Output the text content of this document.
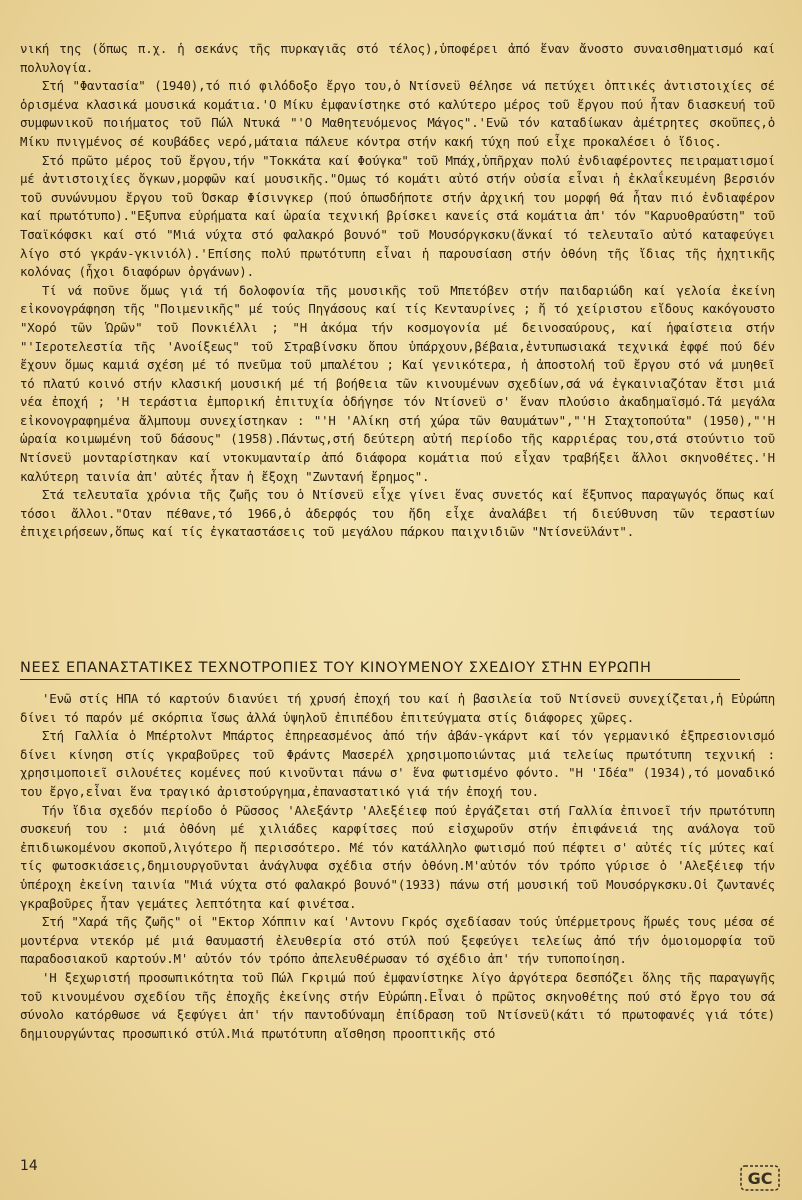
νική της (ὅπως π.χ. ἡ σεκάνς τῆς πυρκαγιᾶς στό τέλος),ὑποφέρει ἀπό ἕναν ἄνοστο συναισθηματισμό καί πολυλογία.

Στή "Φαντασία" (1940),τό πιό φιλόδοξο ἔργο του,ὁ Ντίσνεϋ θέλησε νά πετύχει ὀπτικές ἀντιστοιχίες σέ ὁρισμένα κλασικά μουσικά κομάτια.'Ο Μίκυ ἐμφανίστηκε στό καλύτερο μέρος τοῦ ἔργου πού ἦταν διασκευή τοῦ συμφωνικοῦ ποιήματος τοῦ Πώλ Ντυκά "'Ο Μαθητευόμενος Μάγος".'Ενῶ τόν καταδίωκαν ἀμέτρητες σκοῦπες,ὁ Μίκυ πνιγμένος σέ κουβάδες νερό,μάταια πάλευε κόντρα στήν κακή τύχη πού εἶχε προκαλέσει ὁ ἴδιος.

Στό πρῶτο μέρος τοῦ ἔργου,τήν "Τοκκάτα καί Φούγκα" τοῦ Μπάχ,ὑπῆρχαν πολύ ἐνδιαφέροντες πειραματισμοί μέ ἀντιστοιχίες ὄγκων,μορφῶν καί μουσικῆς."Ομως τό κομάτι αὐτό στήν οὐσία εἶναι ἡ ἐκλαΐκευμένη βερσιόν τοῦ συνώνυμου ἔργου τοῦ Όσκαρ Φίσινγκερ (πού ὁπωσδήποτε στήν ἀρχική του μορφή θά ἦταν πιό ἐνδιαφέρον καί πρωτότυπο)."Εξυπνα εὑρήματα καί ὡραία τεχνική βρίσκει κανείς στά κομάτια ἀπ' τόν "Καρυοθραύστη" τοῦ Τσαϊκόφσκι καί στό "Μιά νύχτα στό φαλακρό βουνό" τοῦ Μουσόργκσκυ(ἄνκαί τό τελευταῖο αὐτό καταφεύγει λίγο στό γκράν-γκινιόλ).'Επίσης πολύ πρωτότυπη εἶναι ἡ παρουσίαση στήν ὀθόνη τῆς ἴδιας τῆς ἠχητικῆς κολόνας (ἦχοι διαφόρων ὀργάνων).

Τί νά ποῦνε ὅμως γιά τή δολοφονία τῆς μουσικῆς τοῦ Μπετόβεν στήν παιδαριώδη καί γελοία ἐκείνη εἰκονογράφηση τῆς "Ποιμενικῆς" μέ τούς Πηγάσους καί τίς Κενταυρίνες ; ἤ τό χείριστου εἴδους κακόγουστο "Χορό τῶν Ὡρῶν" τοῦ Πονκιέλλι ; "Η ἀκόμα τήν κοσμογονία μέ δεινοσαύρους, καί ἡφαίστεια στήν "'Ιεροτελεστία τῆς 'Ανοίξεως" τοῦ Στραβίνσκυ ὅπου ὑπάρχουν,βέβαια,ἐντυπωσιακά τεχνικά ἐφφέ πού δέν ἔχουν ὅμως καμιά σχέση μέ τό πνεῦμα τοῦ μπαλέτου ; Καί γενικότερα, ἡ ἀποστολή τοῦ ἔργου στό νά μυηθεῖ τό πλατύ κοινό στήν κλασική μουσική μέ τή βοήθεια τῶν κινουμένων σχεδίων,σά νά ἐγκαινιαζόταν ἔτσι μιά νέα ἐποχή ; 'Η τεράστια ἐμπορική ἐπιτυχία ὁδήγησε τόν Ντίσνεϋ σ' ἕναν πλούσιο ἀκαδημαϊσμό.Τά μεγάλα εἰκονογραφημένα ἄλμπουμ συνεχίστηκαν : "'Η 'Αλίκη στή χώρα τῶν θαυμάτων","'Η Σταχτοπούτα" (1950),"'Η ὡραία κοιμωμένη τοῦ δάσους" (1958).Πάντως,στή δεύτερη αὐτή περίοδο τῆς καρριέρας του,στά στούντιο τοῦ Ντίσνεϋ μονταρίστηκαν καί ντοκυμανταίρ ἀπό διάφορα κομάτια πού εἶχαν τραβήξει ἄλλοι σκηνοθέτες.'Η καλύτερη ταινία ἀπ' αὐτές ἦταν ἡ ἔξοχη "Ζωντανή ἔρημος".

Στά τελευταῖα χρόνια τῆς ζωῆς του ὁ Ντίσνεϋ εἶχε γίνει ἕνας συνετός καί ἔξυπνος παραγωγός ὅπως καί τόσοι ἄλλοι."Οταν πέθανε,τό 1966,ὁ ἀδερφός του ἤδη εἶχε ἀναλάβει τή διεύθυνση τῶν τεραστίων ἐπιχειρήσεων,ὅπως καί τίς ἐγκαταστάσεις τοῦ μεγάλου πάρκου παιχνιδιῶν "Ντίσνεϋλάντ".

ΝΕΕΣ ΕΠΑΝΑΣΤΑΤΙΚΕΣ ΤΕΧΝΟΤΡΟΠΙΕΣ ΤΟΥ ΚΙΝΟΥΜΕΝΟΥ ΣΧΕΔΙΟΥ ΣΤΗΝ ΕΥΡΩΠΗ

'Ενῶ στίς ΗΠΑ τό καρτούν διανύει τή χρυσή ἐποχή του καί ἡ βασιλεία τοῦ Ντίσνεϋ συνεχίζεται,ἡ Εὐρώπη δίνει τό παρόν μέ σκόρπια ἴσως ἀλλά ὑψηλοῦ ἐπιπέδου ἐπιτεύγματα στίς διάφορες χῶρες.

Στή Γαλλία ὁ Μπέρτολντ Μπάρτος ἐπηρεασμένος ἀπό τήν ἀβάν-γκάρντ καί τόν γερμανικό ἐξπρεσιονισμό δίνει κίνηση στίς γκραβοῦρες τοῦ Φράντς Μασερέλ χρησιμοποιώντας μιά τελείως πρωτότυπη τεχνική : χρησιμοποιεῖ σιλουέτες κομένες πού κινοῦνται πάνω σ' ἕνα φωτισμένο φόντο. "Η 'Ιδέα" (1934),τό μοναδικό του ἔργο,εἶναι ἕνα τραγικό ἀριστούργημα,ἐπαναστατικό γιά τήν ἐποχή του.

Τήν ἴδια σχεδόν περίοδο ὁ Ρῶσσος 'Αλεξάντρ 'Αλεξέιεφ πού ἐργάζεται στή Γαλλία ἐπινοεῖ τήν πρωτότυπη συσκευή του : μιά ὀθόνη μέ χιλιάδες καρφίτσες πού εἰσχωροῦν στήν ἐπιφάνειά της ανάλογα τοῦ ἐπιδιωκομένου σκοποῦ,λιγότερο ἤ περισσότερο. Μέ τόν κατάλληλο φωτισμό πού πέφτει σ' αὐτές τίς μύτες καί τίς φωτοσκιάσεις,δημιουργοῦνται ἀνάγλυφα σχέδια στήν ὀθόνη.Μ'αὐτόν τόν τρόπο γύρισε ὁ 'Αλεξέιεφ τήν ὑπέροχη ἐκείνη ταινία "Μιά νύχτα στό φαλακρό βουνό"(1933) πάνω στή μουσική τοῦ Μουσόργκσκυ.Οἱ ζωντανές γκραβοῦρες ἦταν γεμάτες λεπτότητα καί φινέτσα.

Στή "Χαρά τῆς ζωῆς" οἱ "Εκτορ Χόππιν καί 'Αντονυ Γκρός σχεδίασαν τούς ὑπέρμετρους ἥρωές τους μέσα σέ μοντέρνα ντεκόρ μέ μιά θαυμαστή ἐλευθερία στό στύλ πού ξεφεύγει τελείως ἀπό τήν ὁμοιομορφία τοῦ παραδοσιακοῦ καρτούν.Μ' αὐτόν τόν τρόπο ἀπελευθέρωσαν τό σχέδιο ἀπ' τήν τυποποίηση.

'Η ξεχωριστή προσωπικότητα τοῦ Πώλ Γκριμώ πού ἐμφανίστηκε λίγο ἀργότερα δεσπόζει ὅλης τῆς παραγωγῆς τοῦ κινουμένου σχεδίου τῆς ἐποχῆς ἐκείνης στήν Εὐρώπη.Εἶναι ὁ πρῶτος σκηνοθέτης πού στό ἔργο του σά σύνολο κατόρθωσε νά ξεφύγει ἀπ' τήν παντοδύναμη ἐπίδραση τοῦ Ντίσνεϋ(κάτι τό πρωτοφανές γιά τότε) δημιουργώντας προσωπικό στύλ.Μιά πρωτότυπη αἴσθηση προοπτικῆς στό

14
GC
